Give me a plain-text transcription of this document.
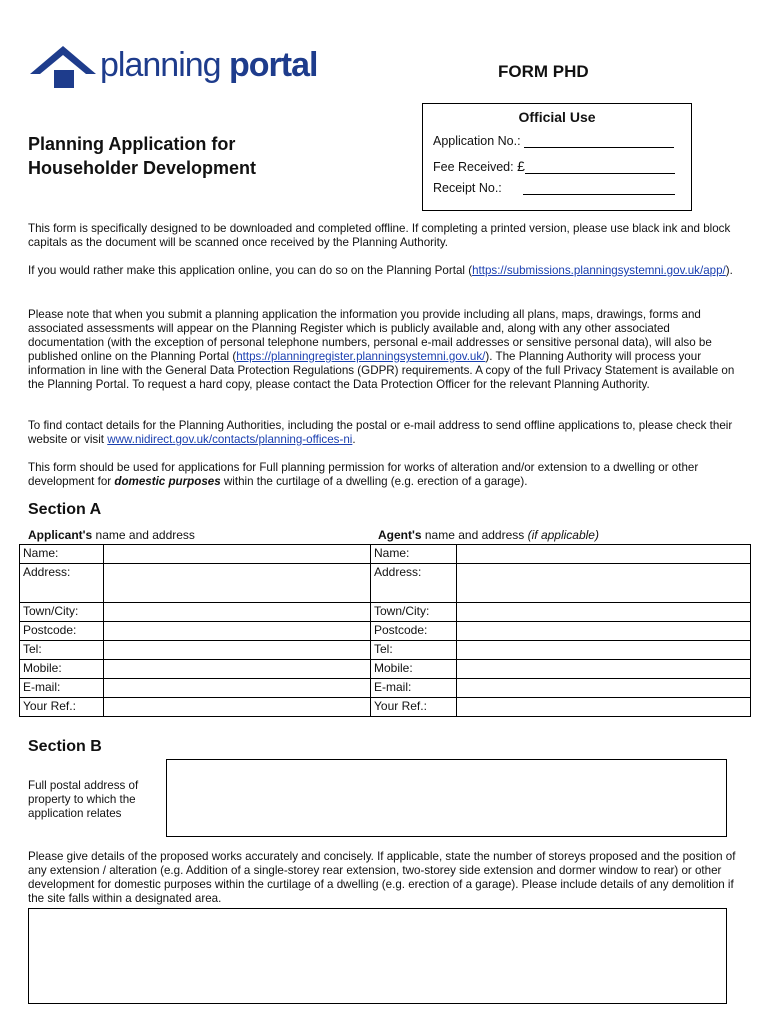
planning portal	FORM PHD
Official Use
Application No.:
Fee Received: £
Receipt No.:
Planning Application for
Householder Development
This form is specifically designed to be downloaded and completed offline. If completing a printed version, please use black ink and block capitals as the document will be scanned once received by the Planning Authority.
If you would rather make this application online, you can do so on the Planning Portal (https://submissions.planningsystemni.gov.uk/app/).
Please note that when you submit a planning application the information you provide including all plans, maps, drawings, forms and associated assessments will appear on the Planning Register which is publicly available and, along with any other associated documentation (with the exception of personal telephone numbers, personal e-mail addresses or sensitive personal data), will also be published online on the Planning Portal (https://planningregister.planningsystemni.gov.uk/). The Planning Authority will process your information in line with the General Data Protection Regulations (GDPR) requirements. A copy of the full Privacy Statement is available on the Planning Portal. To request a hard copy, please contact the Data Protection Officer for the relevant Planning Authority.
To find contact details for the Planning Authorities, including the postal or e-mail address to send offline applications to, please check their website or visit www.nidirect.gov.uk/contacts/planning-offices-ni.
This form should be used for applications for Full planning permission for works of alteration and/or extension to a dwelling or other development for domestic purposes within the curtilage of a dwelling (e.g. erection of a garage).
Section A
Applicant's name and address	Agent's name and address (if applicable)
Name:		Name:	
Address:		Address:	
Town/City:		Town/City:	
Postcode:		Postcode:	
Tel:		Tel:	
Mobile:		Mobile:	
E-mail:		E-mail:	
Your Ref.:		Your Ref.:	
Section B
Full postal address of property to which the application relates
Please give details of the proposed works accurately and concisely. If applicable, state the number of storeys proposed and the position of any extension / alteration (e.g. Addition of a single-storey rear extension, two-storey side extension and dormer window to rear) or other development for domestic purposes within the curtilage of a dwelling (e.g. erection of a garage). Please include details of any demolition if the site falls within a designated area.
